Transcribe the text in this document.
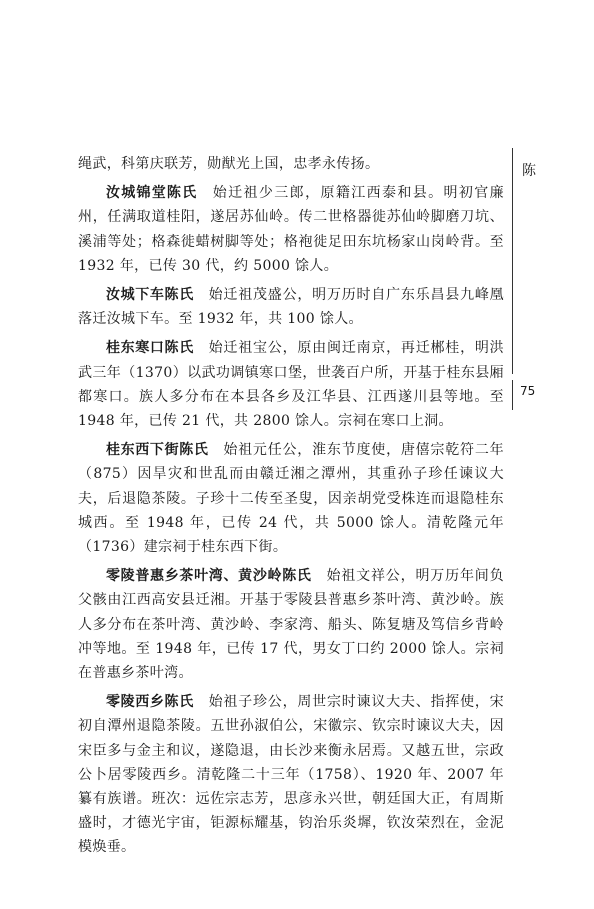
绳武，科第庆联芳，勋猷光上国，忠孝永传扬。

汝城锦堂陈氏　 始迁祖少三郎，原籍江西泰和县。明初官廉州，任满取道桂阳，遂居苏仙岭。传二世格器徙苏仙岭脚磨刀坑、溪浦等处；格森徙蜡树脚等处；格袍徙足田东坑杨家山岗岭背。至 1932 年，已传 30 代，约 5000 馀人。

汝城下车陈氏　 始迁祖茂盛公，明万历时自广东乐昌县九峰凰落迁汝城下车。至 1932 年，共 100 馀人。

桂东寒口陈氏　 始迁祖宝公，原由闽迁南京，再迁郴桂，明洪武三年（1370）以武功调镇寒口堡，世袭百户所，开基于桂东县厢都寒口。族人多分布在本县各乡及江华县、江西遂川县等地。至 1948 年，已传 21 代，共 2800 馀人。宗祠在寒口上洞。

桂东西下街陈氏　 始祖元任公，淮东节度使，唐僖宗乾符二年（875）因旱灾和世乱而由赣迁湘之潭州，其重孙子珍任谏议大夫，后退隐茶陵。子珍十二传至圣叟，因亲胡党受株连而退隐桂东城西。至 1948 年，已传 24 代，共 5000 馀人。清乾隆元年（1736）建宗祠于桂东西下街。

零陵普惠乡茶叶湾、黄沙岭陈氏　 始祖文祥公，明万历年间负父骸由江西高安县迁湘。开基于零陵县普惠乡茶叶湾、黄沙岭。族人多分布在茶叶湾、黄沙岭、李家湾、船头、陈复塘及笃信乡背岭冲等地。至 1948 年，已传 17 代，男女丁口约 2000 馀人。宗祠在普惠乡茶叶湾。

零陵西乡陈氏　 始祖子珍公，周世宗时谏议大夫、指挥使，宋初自潭州退隐茶陵。五世孙淑伯公，宋徽宗、钦宗时谏议大夫，因宋臣多与金主和议，遂隐退，由长沙来衡永居焉。又越五世，宗政公卜居零陵西乡。清乾隆二十三年（1758）、1920 年、2007 年纂有族谱。班次：远佐宗志芳，思彦永兴世，朝廷国大正，有周斯盛时，才德光宇宙，钜源标耀基，钧治乐炎墀，钦汝荣烈在，金泥模焕垂。

陈
75
